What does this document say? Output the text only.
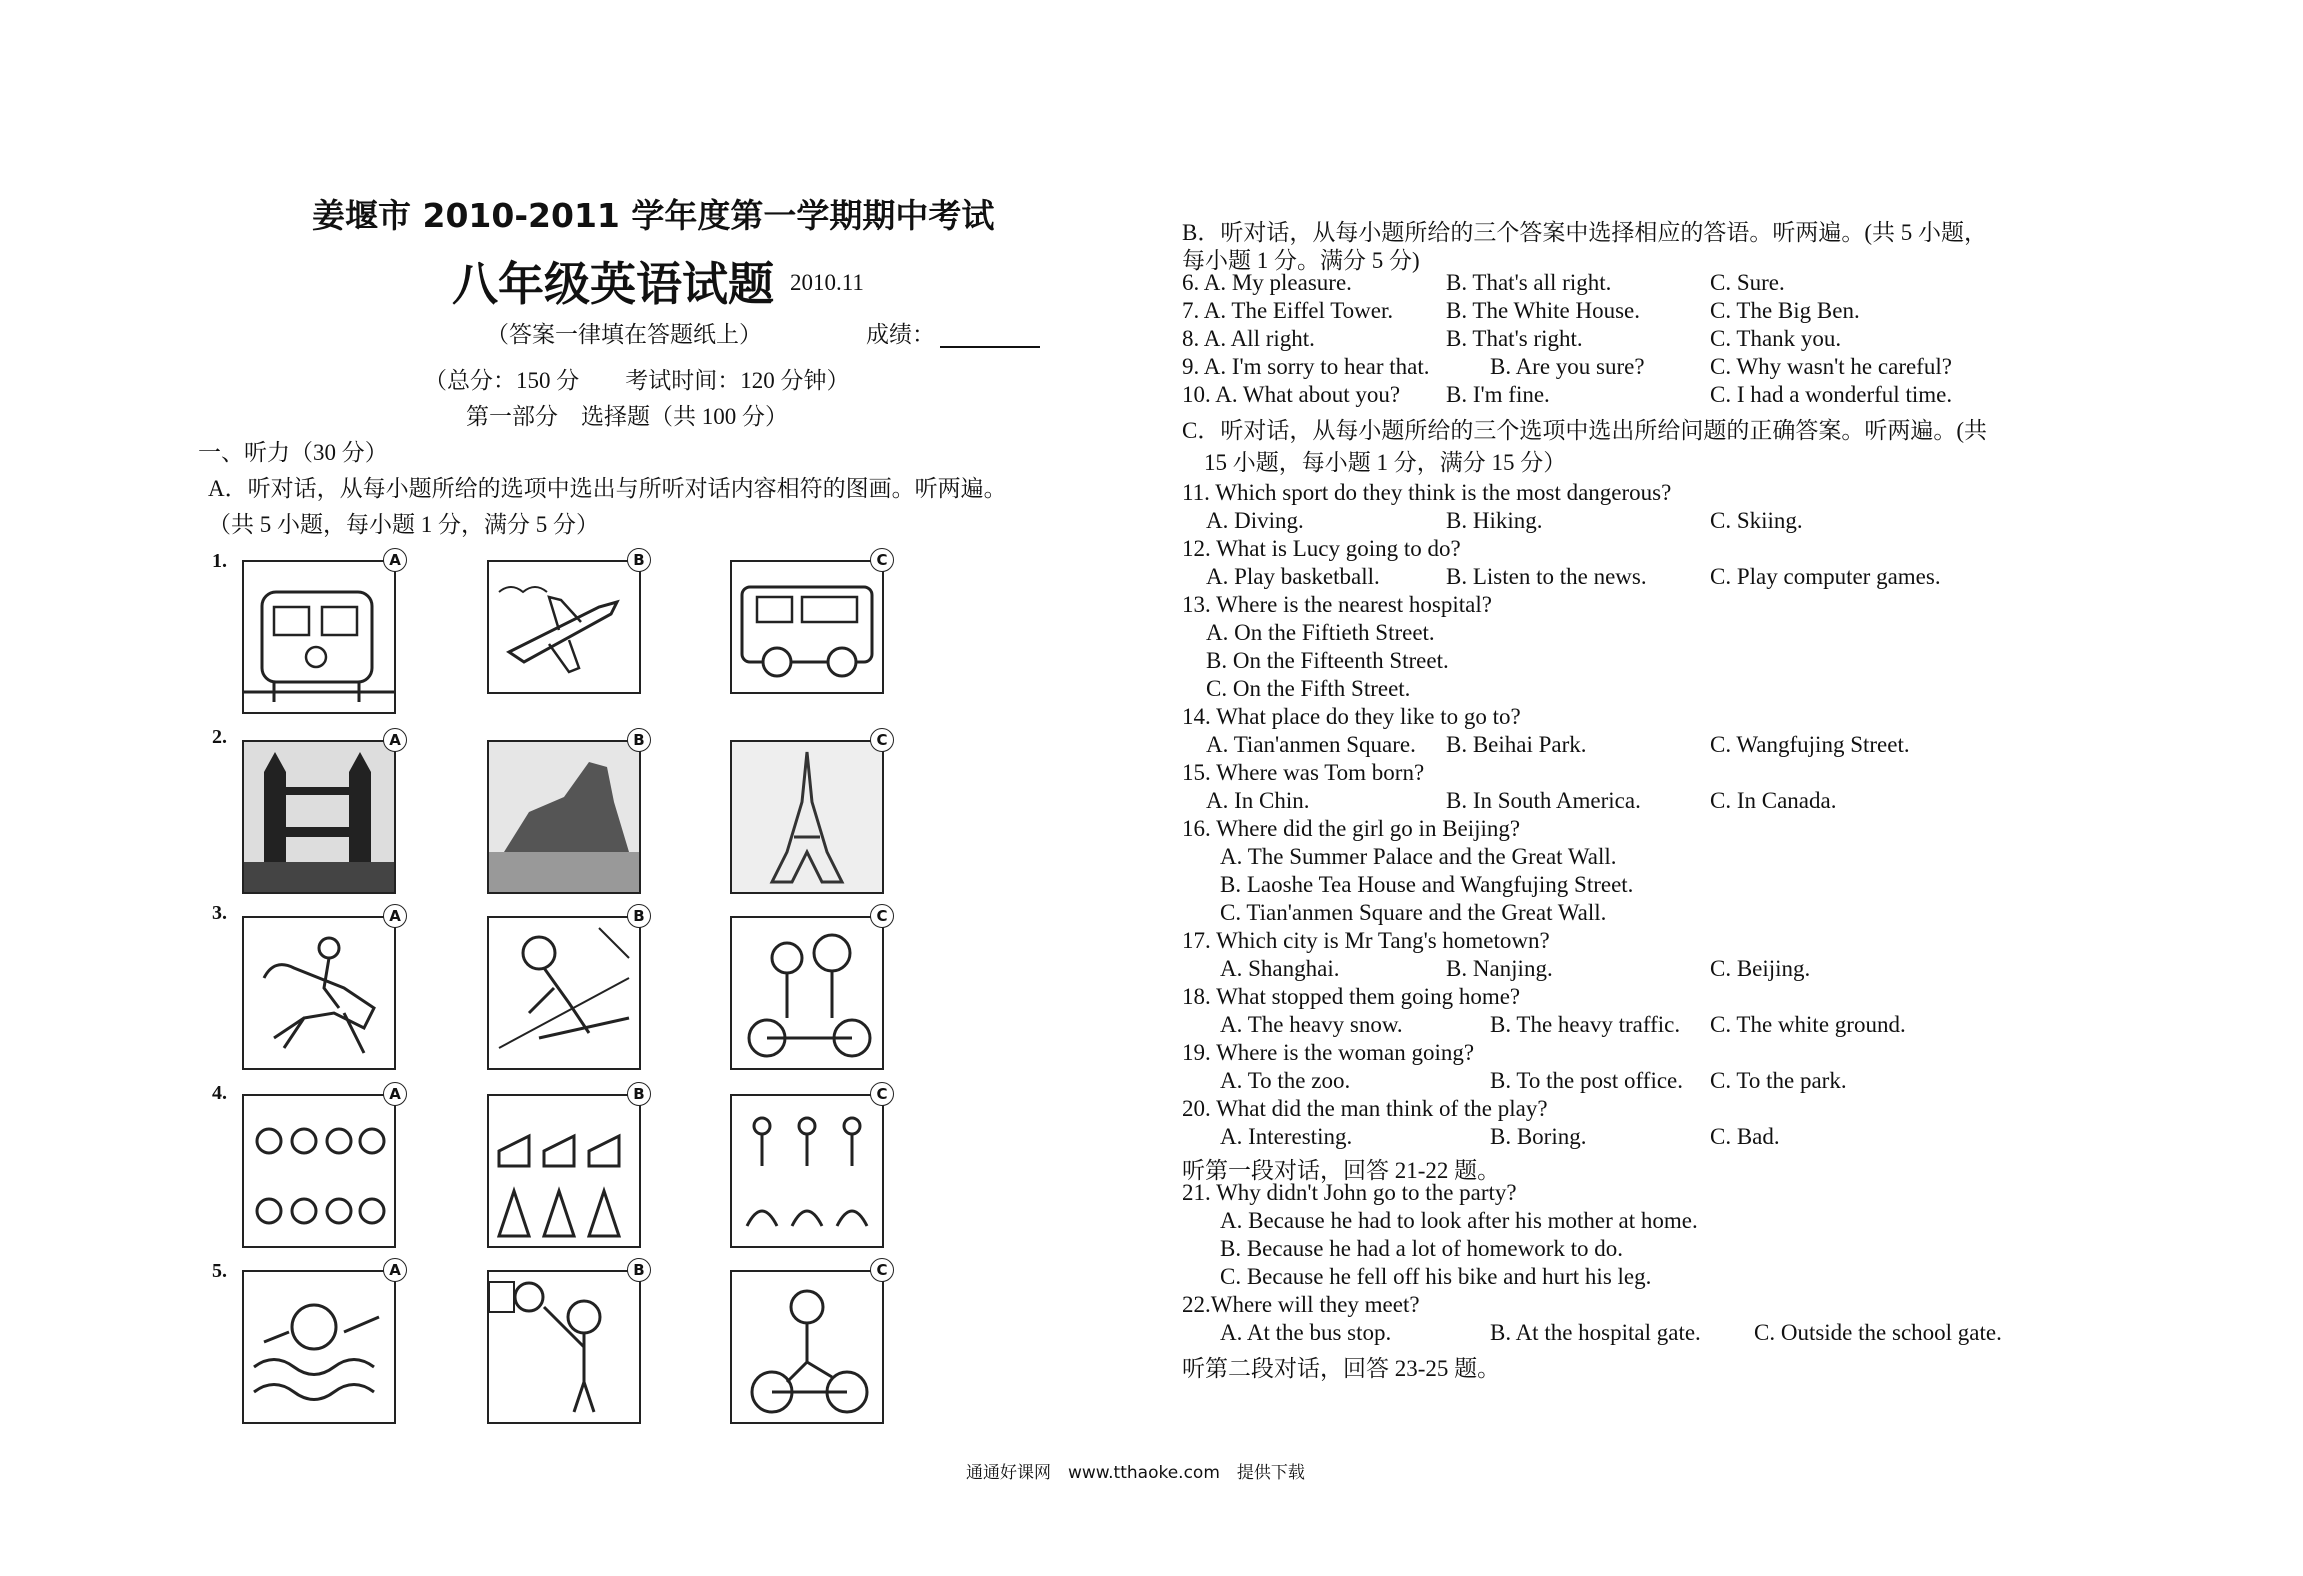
姜堰市 2010-2011 学年度第一学期期中考试
八年级英语试题 2010.11
（答案一律填在答题纸上）	成绩：
（总分：150 分　　考试时间：120 分钟）
第一部分　选择题（共 100 分）
一、听力（30 分）
A．听对话，从每小题所给的选项中选出与所听对话内容相符的图画。听两遍。
（共 5 小题，每小题 1 分，满分 5 分）
1.	A	B	C
2.	A	B	C
3.	A	B	C
4.	A	B	C
5.	A	B	C
B．听对话，从每小题所给的三个答案中选择相应的答语。听两遍。(共 5 小题，
每小题 1 分。满分 5 分)
6. A. My pleasure.	B. That's all right.	C. Sure.
7. A. The Eiffel Tower. B. The White House.	C. The Big Ben.
8. A. All right.	B. That's right.	C. Thank you.
9. A. I'm sorry to hear that.	B. Are you sure?	C. Why wasn't he careful?
10. A. What about you? B. I'm fine.	C. I had a wonderful time.
C．听对话，从每小题所给的三个选项中选出所给问题的正确答案。听两遍。(共
15 小题，每小题 1 分，满分 15 分）
11. Which sport do they think is the most dangerous?
A. Diving.	B. Hiking.	C. Skiing.
12. What is Lucy going to do?
A. Play basketball.	B. Listen to the news.	C. Play computer games.
13. Where is the nearest hospital?
A. On the Fiftieth Street.
B. On the Fifteenth Street.
C. On the Fifth Street.
14. What place do they like to go to?
A. Tian'anmen Square. B. Beihai Park.	C. Wangfujing Street.
15. Where was Tom born?
A. In Chin.	B. In South America.	C. In Canada.
16. Where did the girl go in Beijing?
A. The Summer Palace and the Great Wall.
B. Laoshe Tea House and Wangfujing Street.
C. Tian'anmen Square and the Great Wall.
17. Which city is Mr Tang's hometown?
A. Shanghai.	B. Nanjing.	C. Beijing.
18. What stopped them going home?
A. The heavy snow.	B. The heavy traffic. C. The white ground.
19. Where is the woman going?
A. To the zoo.	B. To the post office. C. To the park.
20. What did the man think of the play?
A. Interesting.	B. Boring.	C. Bad.
听第一段对话，回答 21-22 题。
21. Why didn't John go to the party?
A. Because he had to look after his mother at home.
B. Because he had a lot of homework to do.
C. Because he fell off his bike and hurt his leg.
22.Where will they meet?
A. At the bus stop.	B. At the hospital gate. C. Outside the school gate.
听第二段对话，回答 23-25 题。
通通好课网　www.tthaoke.com　提供下载
